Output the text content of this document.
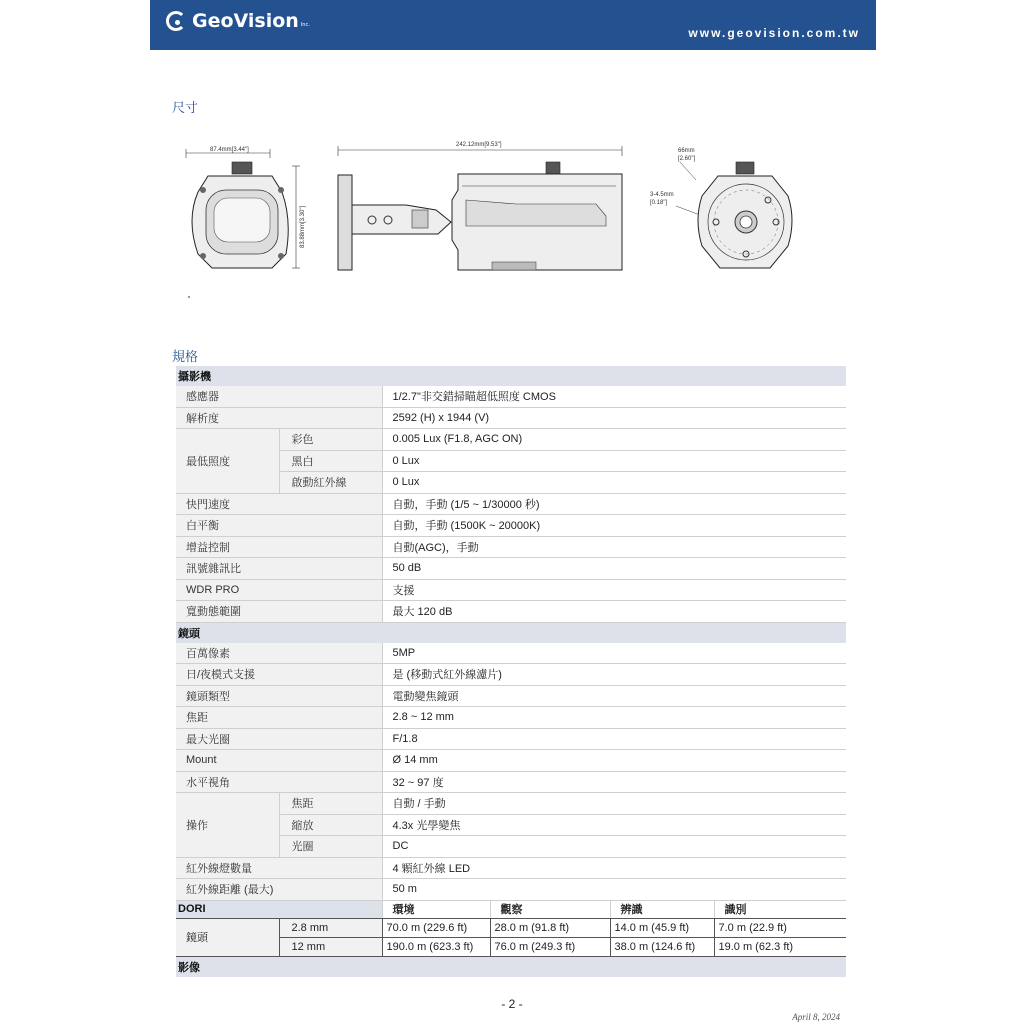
GeoVision Inc.
www.geovision.com.tw
尺寸
87.4mm[3.44"]
83.88mm[3.30"]
242.12mm[9.53"]
66mm
[2.60"]
3-4.5mm
[0.18"]
規格
攝影機					
感應器		1/2.7"非交錯掃瞄超低照度 CMOS			
解析度		2592 (H) x 1944 (V)			
最低照度	彩色	0.005 Lux (F1.8, AGC ON)			
	黑白	0 Lux			
	啟動紅外線	0 Lux			
快門速度		自動，手動 (1/5 ~ 1/30000 秒)			
白平衡		自動，手動 (1500K ~ 20000K)			
增益控制		自動(AGC)，手動			
訊號雜訊比		50 dB			
WDR PRO		支援			
寬動態範圍		最大 120 dB			
鏡頭					
百萬像素		5MP			
日/夜模式支援		是 (移動式紅外線濾片)			
鏡頭類型		電動變焦鏡頭			
焦距		2.8 ~ 12 mm			
最大光圈		F/1.8			
Mount		Ø 14 mm			
水平視角		32 ~ 97 度			
操作	焦距	自動 / 手動			
	縮放	4.3x 光學變焦			
	光圈	DC			
紅外線燈數量		4 顆紅外線 LED			
紅外線距離 (最大)		50 m			
DORI		環境	觀察	辨識	識別
鏡頭	2.8 mm	70.0 m (229.6 ft)	28.0 m (91.8 ft)	14.0 m (45.9 ft)	7.0 m (22.9 ft)
	12 mm	190.0 m (623.3 ft)	76.0 m (249.3 ft)	38.0 m (124.6 ft)	19.0 m (62.3 ft)
影像					
- 2 -
April 8, 2024
